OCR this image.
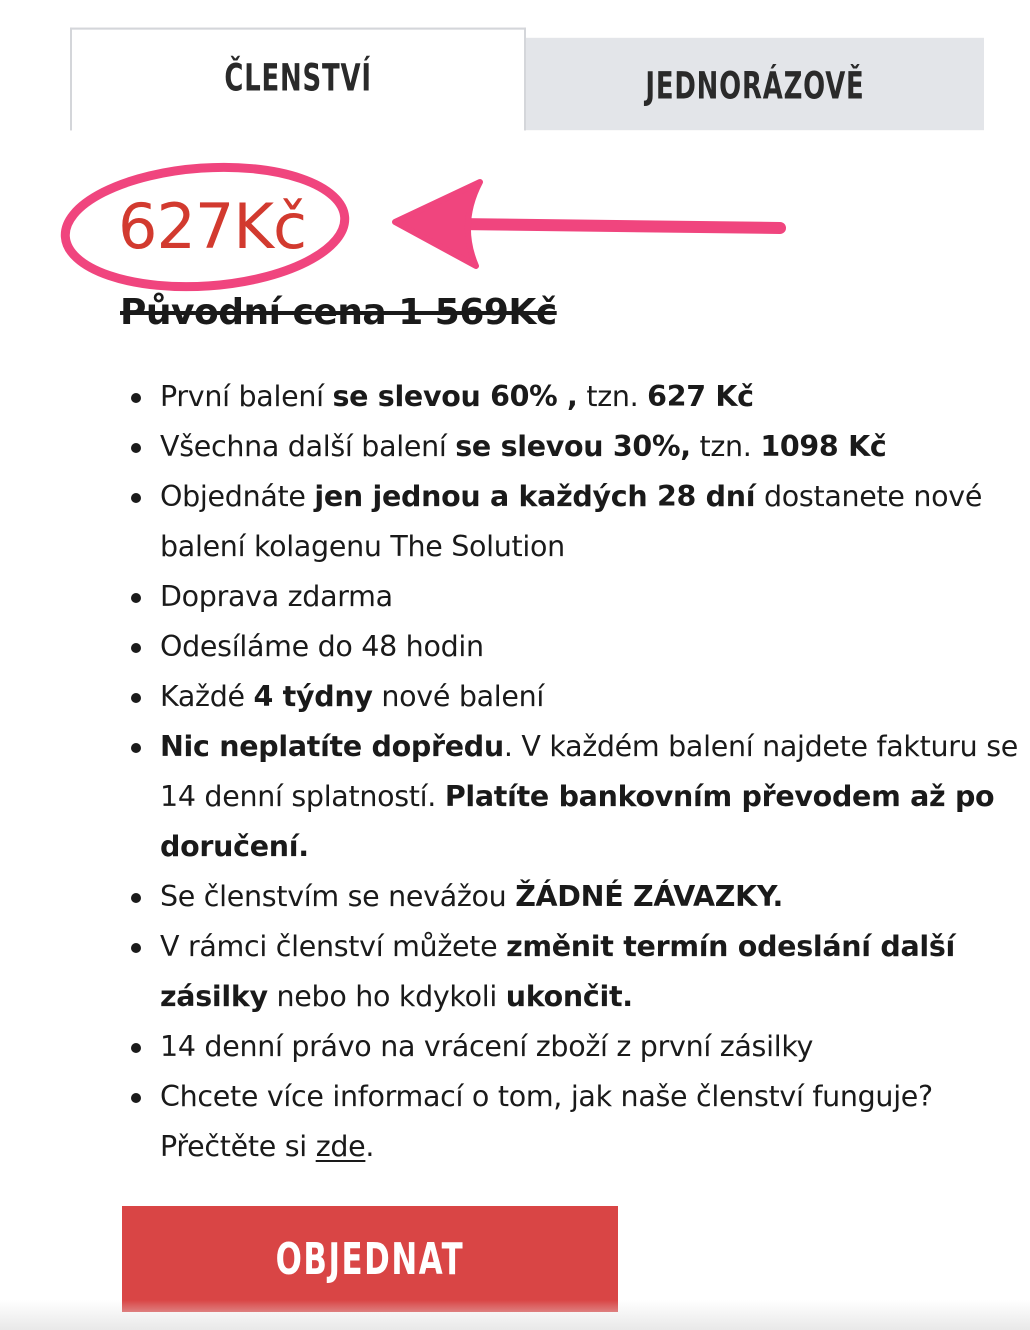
ČLENSTVÍ	JEDNORÁZOVĚ
627Kč
Původní cena 1 569Kč
První balení se slevou 60% , tzn. 627 Kč
Všechna další balení se slevou 30%, tzn. 1098 Kč
Objednáte jen jednou a každých 28 dní dostanete nové balení kolagenu The Solution
Doprava zdarma
Odesíláme do 48 hodin
Každé 4 týdny nové balení
Nic neplatíte dopředu. V každém balení najdete fakturu se 14 denní splatností. Platíte bankovním převodem až po doručení.
Se členstvím se nevážou ŽÁDNÉ ZÁVAZKY.
V rámci členství můžete změnit termín odeslání další zásilky nebo ho kdykoli ukončit.
14 denní právo na vrácení zboží z první zásilky
Chcete více informací o tom, jak naše členství funguje? Přečtěte si zde.
OBJEDNAT
